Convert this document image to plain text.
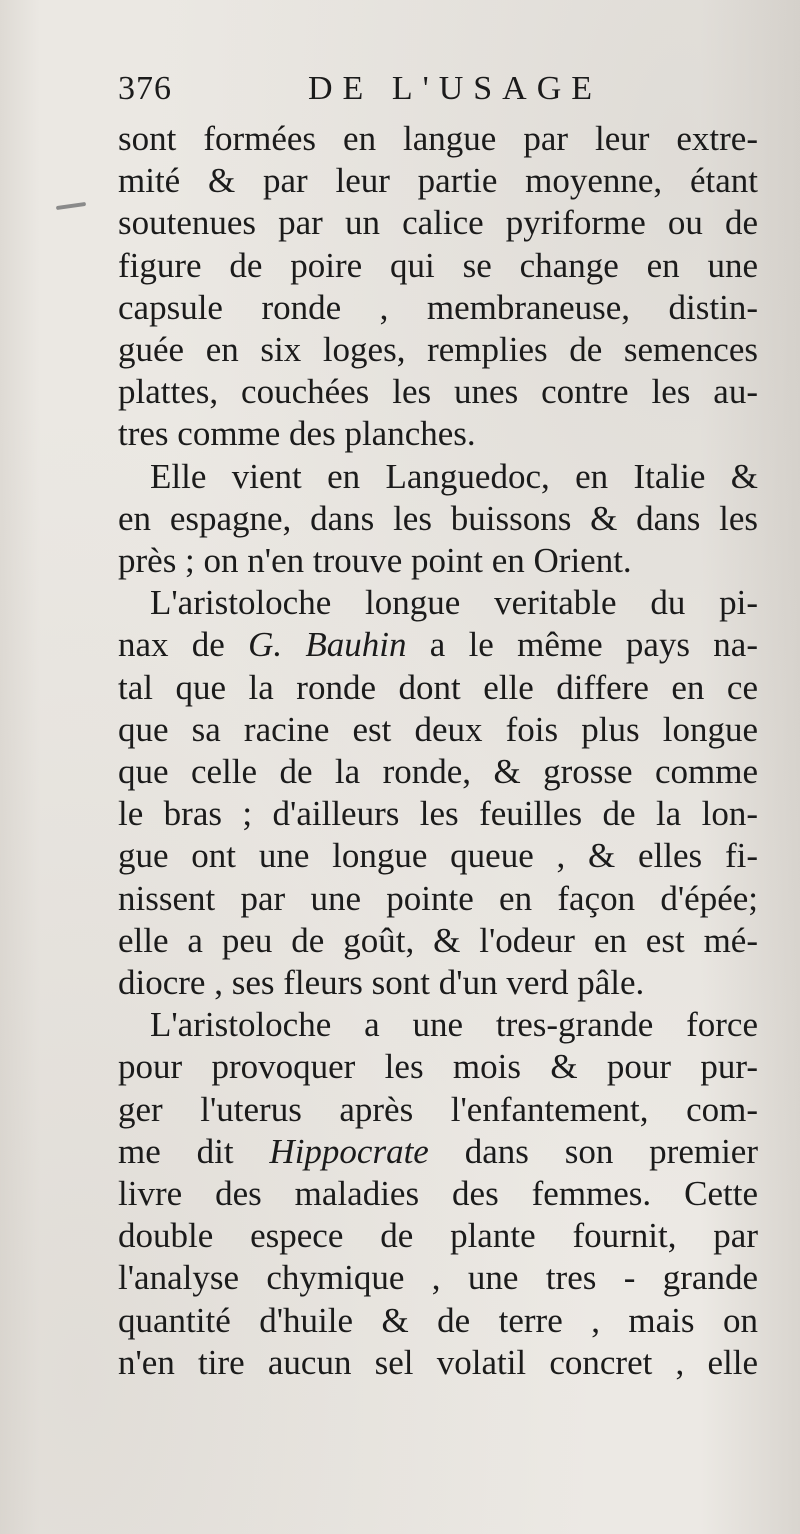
376	DE L'USAGE
sont formées en langue par leur extre-
mité & par leur partie moyenne, étant
soutenues par un calice pyriforme ou de
figure de poire qui se change en une
capsule ronde , membraneuse, distin-
guée en six loges, remplies de semences
plattes, couchées les unes contre les au-
tres comme des planches.
Elle vient en Languedoc, en Italie &
en espagne, dans les buissons & dans les
près ; on n'en trouve point en Orient.
L'aristoloche longue veritable du pi-
nax de G. Bauhin a le même pays na-
tal que la ronde dont elle differe en ce
que sa racine est deux fois plus longue
que celle de la ronde, & grosse comme
le bras ; d'ailleurs les feuilles de la lon-
gue ont une longue queue , & elles fi-
nissent par une pointe en façon d'épée;
elle a peu de goût, & l'odeur en est mé-
diocre , ses fleurs sont d'un verd pâle.
L'aristoloche a une tres-grande force
pour provoquer les mois & pour pur-
ger l'uterus après l'enfantement, com-
me dit Hippocrate dans son premier
livre des maladies des femmes. Cette
double espece de plante fournit, par
l'analyse chymique , une tres - grande
quantité d'huile & de terre , mais on
n'en tire aucun sel volatil concret , elle
